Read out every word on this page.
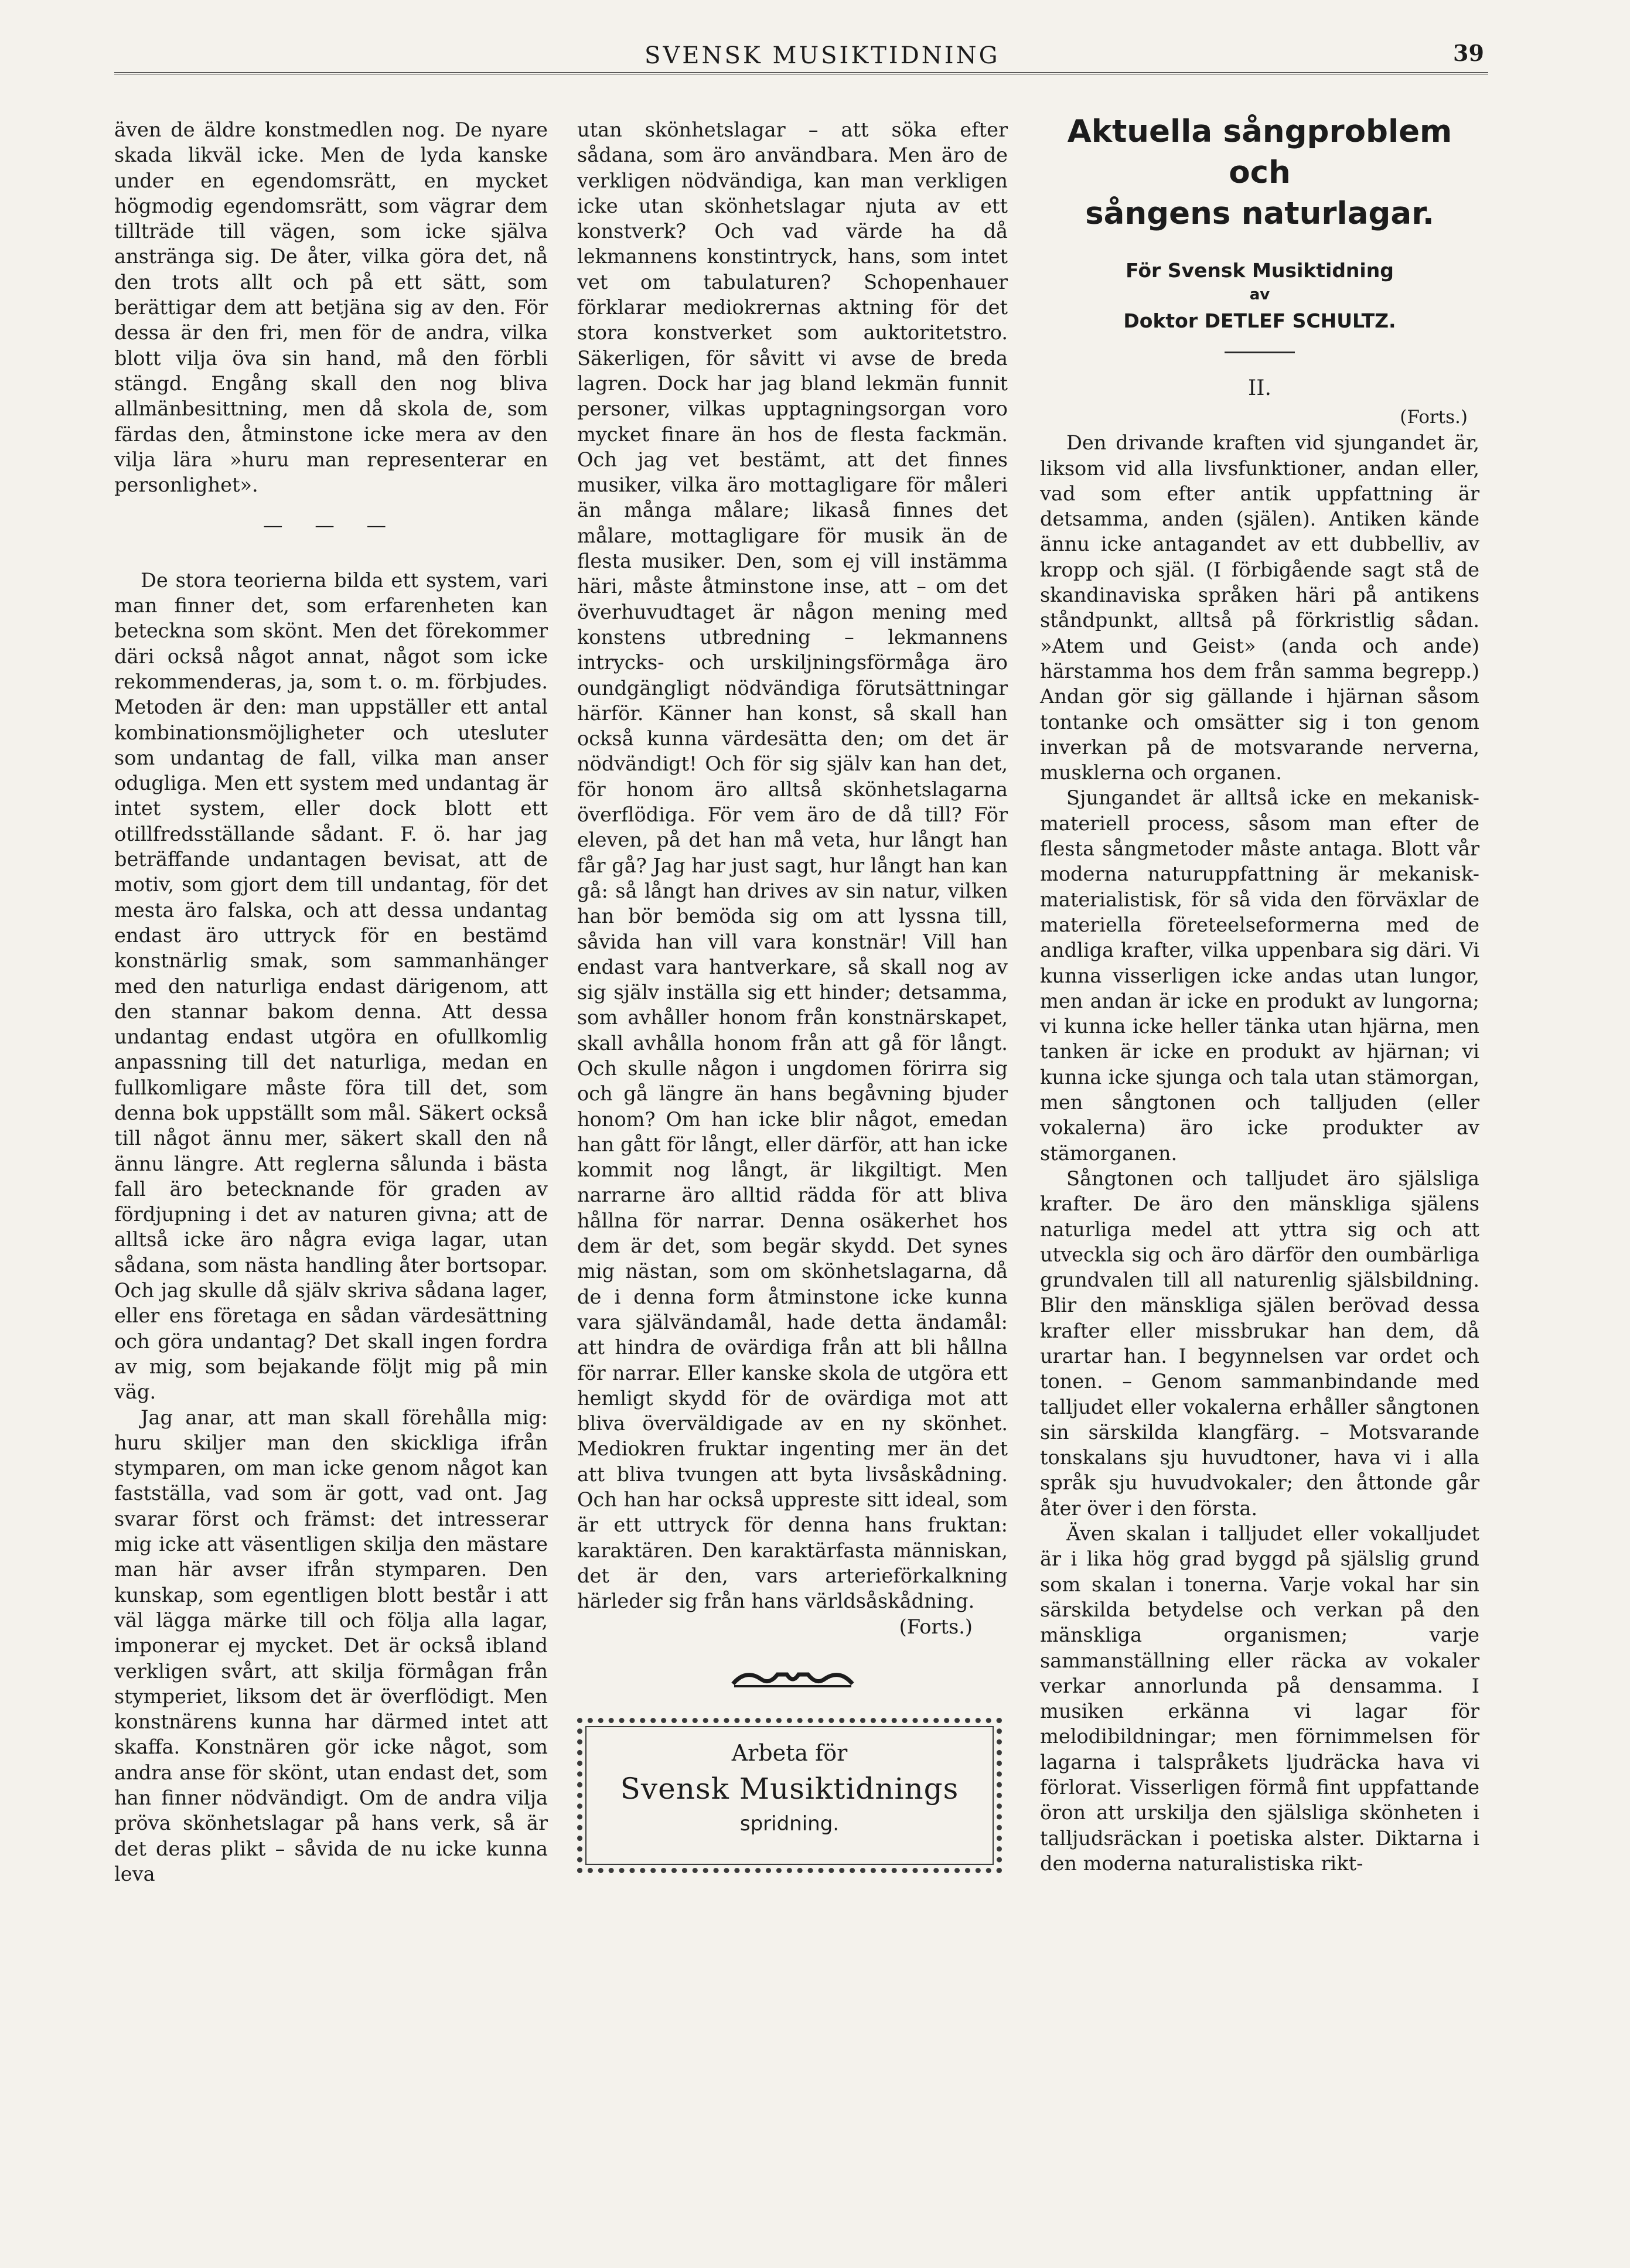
SVENSK MUSIKTIDNING	39

även de äldre konstmedlen nog. De nyare skada likväl icke. Men de lyda kanske under en egendomsrätt, en mycket högmodig egendomsrätt, som vägrar dem tillträde till vägen, som icke själva anstränga sig. De åter, vilka göra det, nå den trots allt och på ett sätt, som berättigar dem att betjäna sig av den. För dessa är den fri, men för de andra, vilka blott vilja öva sin hand, må den förbli stängd. Engång skall den nog bliva allmänbesittning, men då skola de, som färdas den, åtminstone icke mera av den vilja lära »huru man representerar en personlighet».

— — —

De stora teorierna bilda ett system, vari man finner det, som erfarenheten kan beteckna som skönt. Men det förekommer däri också något annat, något som icke rekommenderas, ja, som t. o. m. förbjudes. Metoden är den: man uppställer ett antal kombinationsmöjligheter och utesluter som undantag de fall, vilka man anser odugliga. Men ett system med undantag är intet system, eller dock blott ett otillfredsställande sådant. F. ö. har jag beträffande undantagen bevisat, att de motiv, som gjort dem till undantag, för det mesta äro falska, och att dessa undantag endast äro uttryck för en bestämd konstnärlig smak, som sammanhänger med den naturliga endast därigenom, att den stannar bakom denna. Att dessa undantag endast utgöra en ofullkomlig anpassning till det naturliga, medan en fullkomligare måste föra till det, som denna bok uppställt som mål. Säkert också till något ännu mer, säkert skall den nå ännu längre. Att reglerna sålunda i bästa fall äro betecknande för graden av fördjupning i det av naturen givna; att de alltså icke äro några eviga lagar, utan sådana, som nästa handling åter bortsopar. Och jag skulle då själv skriva sådana lager, eller ens företaga en sådan värdesättning och göra undantag? Det skall ingen fordra av mig, som bejakande följt mig på min väg.

Jag anar, att man skall förehålla mig: huru skiljer man den skickliga ifrån stymparen, om man icke genom något kan fastställa, vad som är gott, vad ont. Jag svarar först och främst: det intresserar mig icke att väsentligen skilja den mästare man här avser ifrån stymparen. Den kunskap, som egentligen blott består i att väl lägga märke till och följa alla lagar, imponerar ej mycket. Det är också ibland verkligen svårt, att skilja förmågan från stymperiet, liksom det är överflödigt. Men konstnärens kunna har därmed intet att skaffa. Konstnären gör icke något, som andra anse för skönt, utan endast det, som han finner nödvändigt. Om de andra vilja pröva skönhetslagar på hans verk, så är det deras plikt – såvida de nu icke kunna leva

utan skönhetslagar – att söka efter sådana, som äro användbara. Men äro de verkligen nödvändiga, kan man verkligen icke utan skönhetslagar njuta av ett konstverk? Och vad värde ha då lekmannens konstintryck, hans, som intet vet om tabulaturen? Schopenhauer förklarar mediokrernas aktning för det stora konstverket som auktoritetstro. Säkerligen, för såvitt vi avse de breda lagren. Dock har jag bland lekmän funnit personer, vilkas upptagningsorgan voro mycket finare än hos de flesta fackmän. Och jag vet bestämt, att det finnes musiker, vilka äro mottagligare för måleri än många målare; likaså finnes det målare, mottagligare för musik än de flesta musiker. Den, som ej vill instämma häri, måste åtminstone inse, att – om det överhuvudtaget är någon mening med konstens utbredning – lekmannens intrycks- och urskiljningsförmåga äro oundgängligt nödvändiga förutsättningar härför. Känner han konst, så skall han också kunna värdesätta den; om det är nödvändigt! Och för sig själv kan han det, för honom äro alltså skönhetslagarna överflödiga. För vem äro de då till? För eleven, på det han må veta, hur långt han får gå? Jag har just sagt, hur långt han kan gå: så långt han drives av sin natur, vilken han bör bemöda sig om att lyssna till, såvida han vill vara konstnär! Vill han endast vara hantverkare, så skall nog av sig själv inställa sig ett hinder; detsamma, som avhåller honom från konstnärskapet, skall avhålla honom från att gå för långt. Och skulle någon i ungdomen förirra sig och gå längre än hans begåvning bjuder honom? Om han icke blir något, emedan han gått för långt, eller därför, att han icke kommit nog långt, är likgiltigt. Men narrarne äro alltid rädda för att bliva hållna för narrar. Denna osäkerhet hos dem är det, som begär skydd. Det synes mig nästan, som om skönhetslagarna, då de i denna form åtminstone icke kunna vara självändamål, hade detta ändamål: att hindra de ovärdiga från att bli hållna för narrar. Eller kanske skola de utgöra ett hemligt skydd för de ovärdiga mot att bliva överväldigade av en ny skönhet. Mediokren fruktar ingenting mer än det att bliva tvungen att byta livsåskådning. Och han har också uppreste sitt ideal, som är ett uttryck för denna hans fruktan: karaktären. Den karaktärfasta människan, det är den, vars arterieförkalkning härleder sig från hans världsåskådning.

(Forts.)
Arbeta för
Svensk Musiktidnings
spridning.
Aktuella sångproblem och
sångens naturlagar.
För Svensk Musiktidning
av
Doktor DETLEF SCHULTZ.
II.
(Forts.)

Den drivande kraften vid sjungandet är, liksom vid alla livsfunktioner, andan eller, vad som efter antik uppfattning är detsamma, anden (själen). Antiken kände ännu icke antagandet av ett dubbelliv, av kropp och själ. (I förbigående sagt stå de skandinaviska språken häri på antikens ståndpunkt, alltså på förkristlig sådan. »Atem und Geist» (anda och ande) härstamma hos dem från samma begrepp.) Andan gör sig gällande i hjärnan såsom tontanke och omsätter sig i ton genom inverkan på de motsvarande nerverna, musklerna och organen.

Sjungandet är alltså icke en mekanisk-materiell process, såsom man efter de flesta sångmetoder måste antaga. Blott vår moderna naturuppfattning är mekanisk-materialistisk, för så vida den förväxlar de materiella företeelseformerna med de andliga krafter, vilka uppenbara sig däri. Vi kunna visserligen icke andas utan lungor, men andan är icke en produkt av lungorna; vi kunna icke heller tänka utan hjärna, men tanken är icke en produkt av hjärnan; vi kunna icke sjunga och tala utan stämorgan, men sångtonen och talljuden (eller vokalerna) äro icke produkter av stämorganen.

Sångtonen och talljudet äro själsliga krafter. De äro den mänskliga själens naturliga medel att yttra sig och att utveckla sig och äro därför den oumbärliga grundvalen till all naturenlig själsbildning. Blir den mänskliga själen berövad dessa krafter eller missbrukar han dem, då urartar han. I begynnelsen var ordet och tonen. – Genom sammanbindande med talljudet eller vokalerna erhåller sångtonen sin särskilda klangfärg. – Motsvarande tonskalans sju huvudtoner, hava vi i alla språk sju huvudvokaler; den åttonde går åter över i den första.

Även skalan i talljudet eller vokalljudet är i lika hög grad byggd på själslig grund som skalan i tonerna. Varje vokal har sin särskilda betydelse och verkan på den mänskliga organismen; varje sammanställning eller räcka av vokaler verkar annorlunda på densamma. I musiken erkänna vi lagar för melodibildningar; men förnimmelsen för lagarna i talspråkets ljudräcka hava vi förlorat. Visserligen förmå fint uppfattande öron att urskilja den själsliga skönheten i talljudsräckan i poetiska alster. Diktarna i den moderna naturalistiska rikt-
